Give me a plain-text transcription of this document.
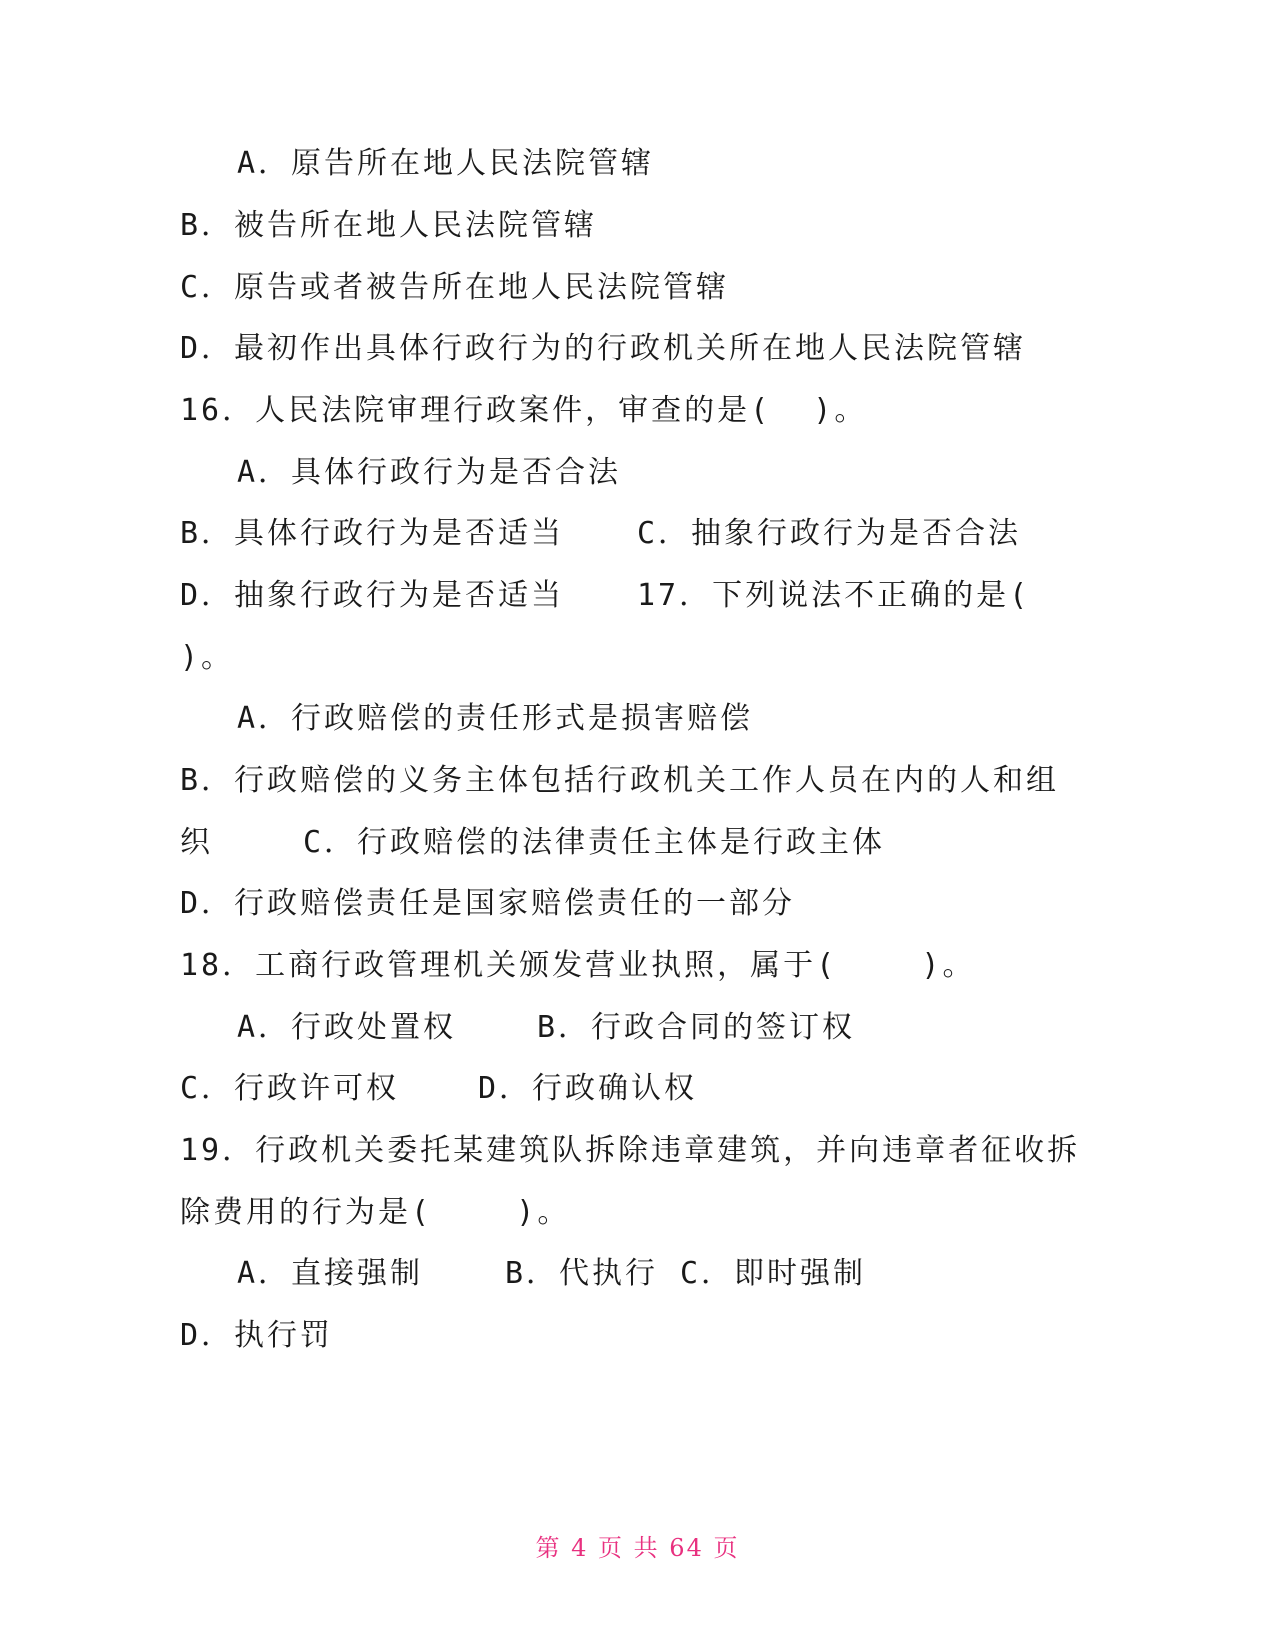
A．原告所在地人民法院管辖

B．被告所在地人民法院管辖

C．原告或者被告所在地人民法院管辖

D．最初作出具体行政行为的行政机关所在地人民法院管辖

16．人民法院审理行政案件，审查的是(  )。

A．具体行政行为是否合法

B．具体行政行为是否适当 C．抽象行政行为是否合法

D．抽象行政行为是否适当 17．下列说法不正确的是(

)。

A．行政赔偿的责任形式是损害赔偿

B．行政赔偿的义务主体包括行政机关工作人员在内的人和组

织	C．行政赔偿的法律责任主体是行政主体

D．行政赔偿责任是国家赔偿责任的一部分

18．工商行政管理机关颁发营业执照，属于(    )。

A．行政处置权	B．行政合同的签订权

C．行政许可权	D．行政确认权

19．行政机关委托某建筑队拆除违章建筑，并向违章者征收拆

除费用的行为是(    )。

A．直接强制	B．代执行 C．即时强制

D．执行罚

第 4 页 共 64 页
